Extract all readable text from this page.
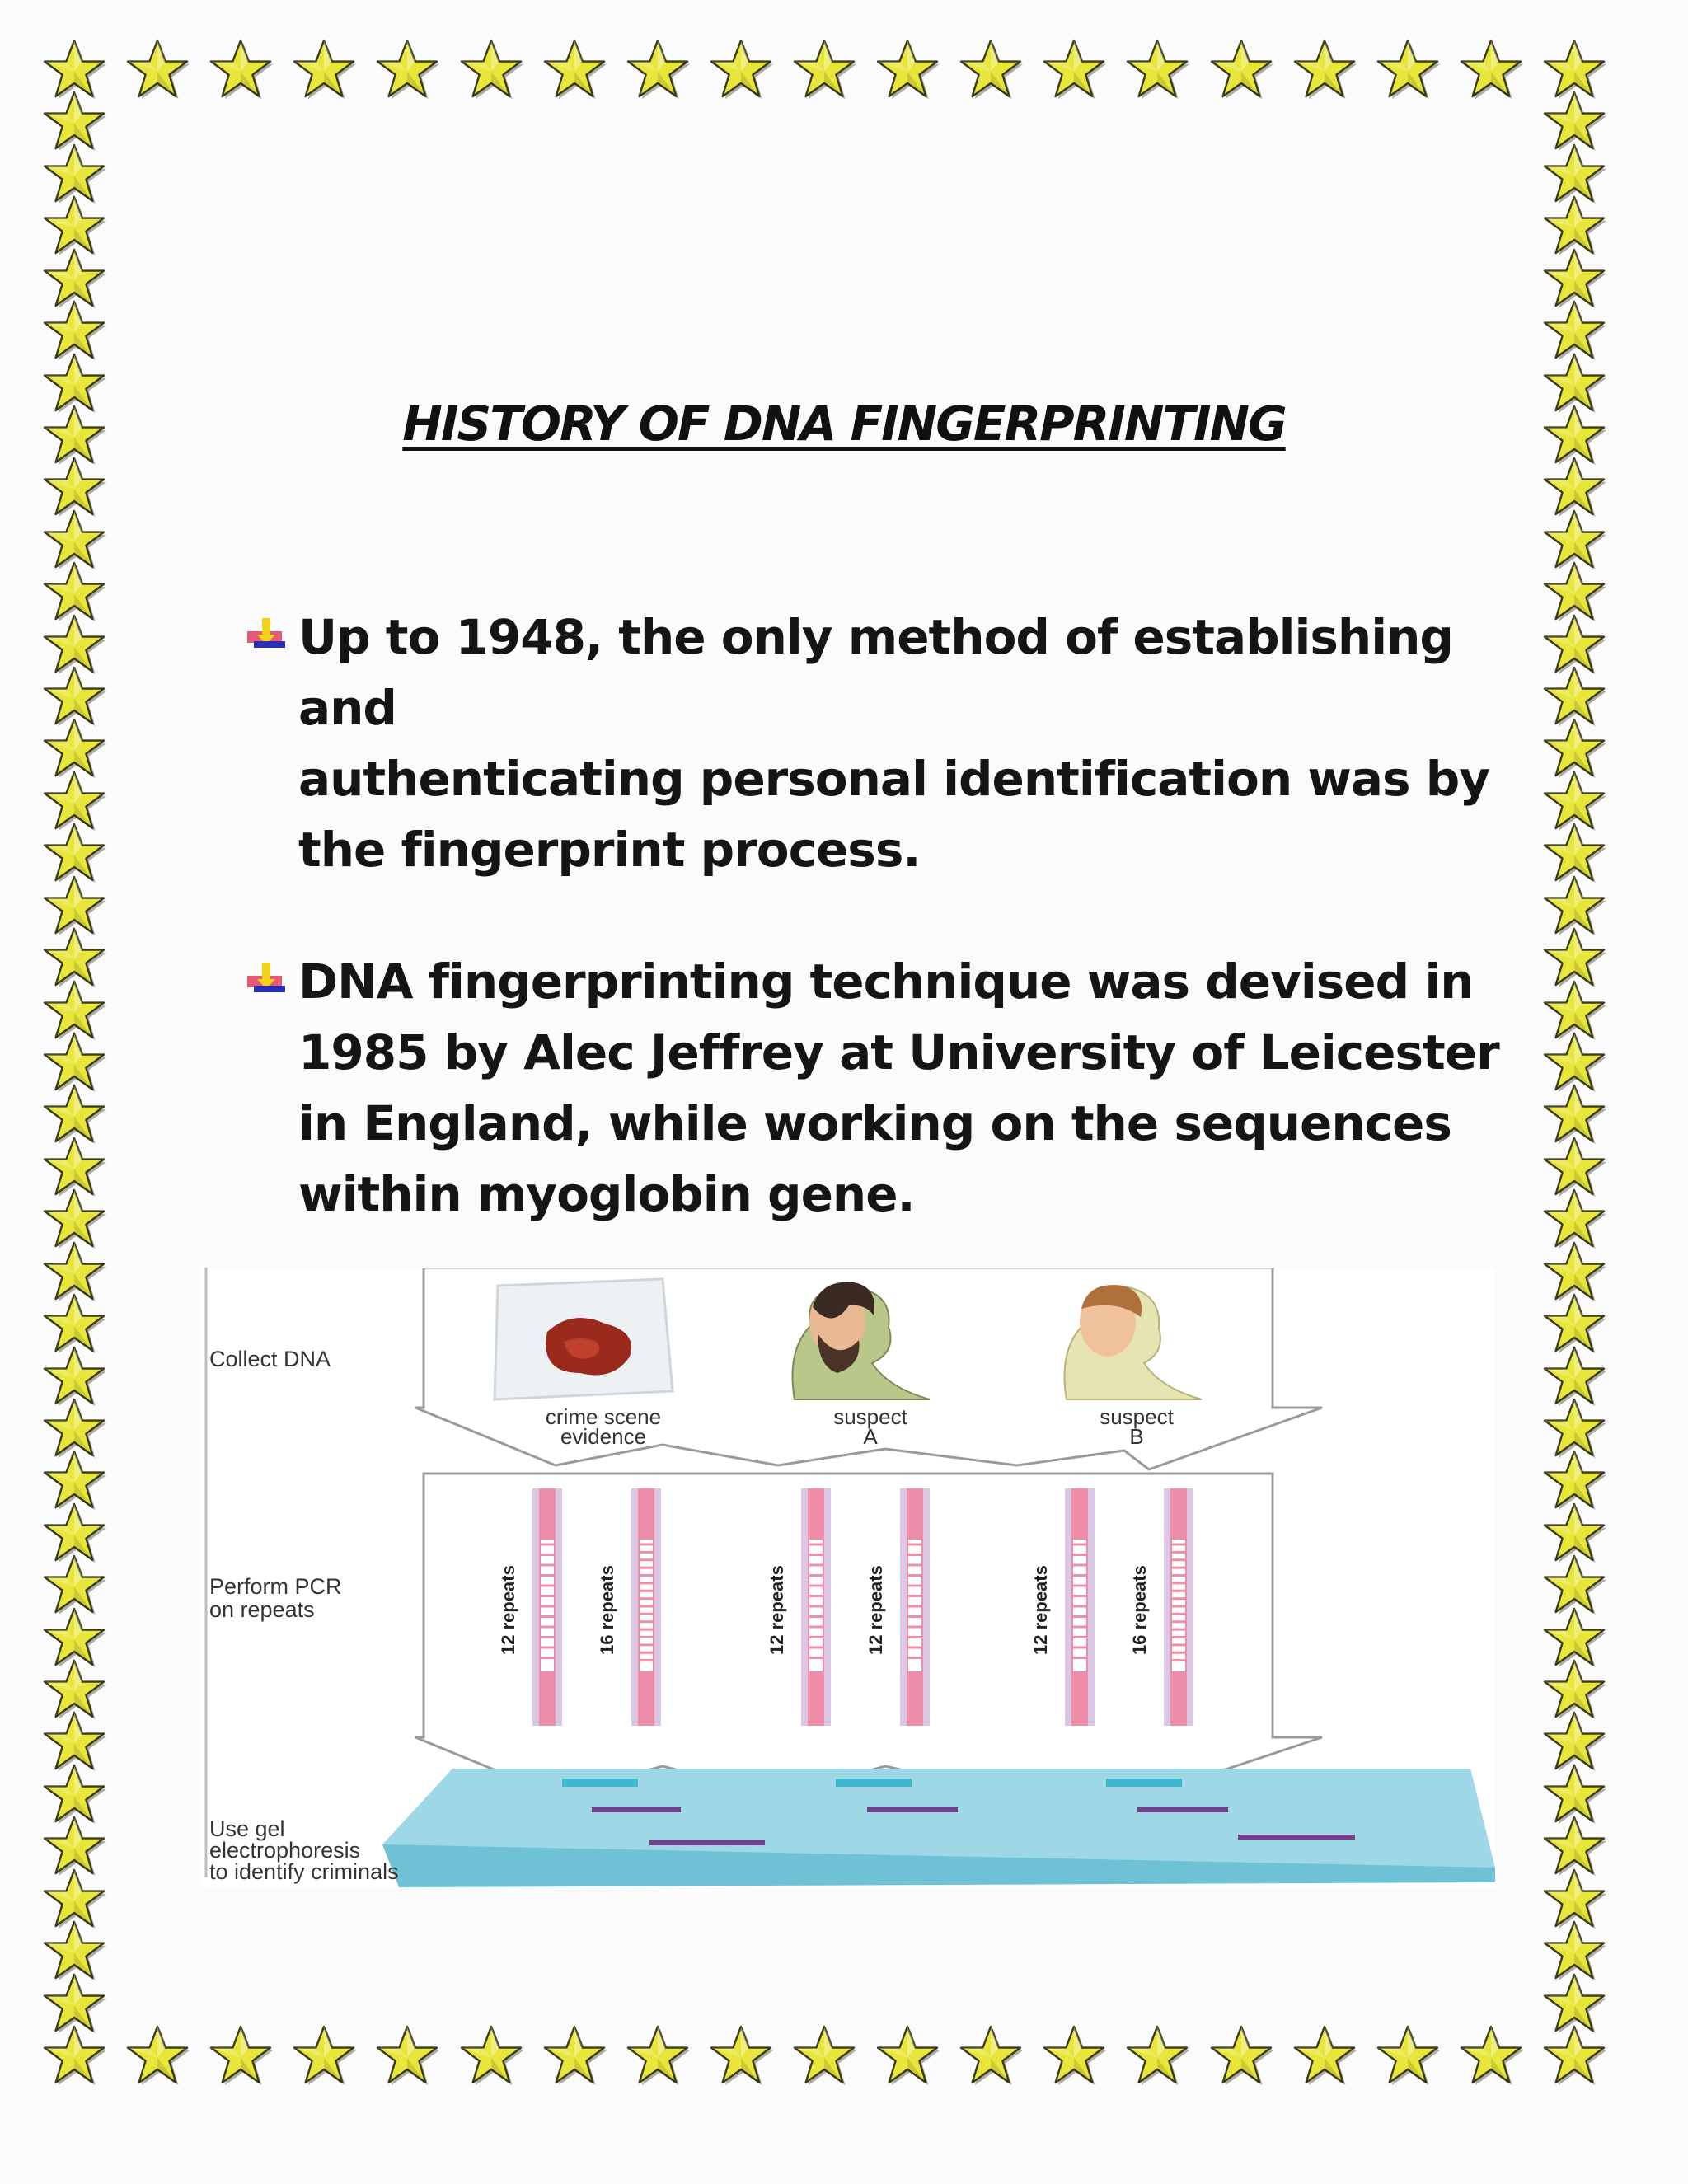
HISTORY OF DNA FINGERPRINTING
Up to 1948, the only method of establishing and
authenticating personal identification was by
the fingerprint process.
DNA fingerprinting technique was devised in
1985 by Alec Jeffrey at University of Leicester
in England, while working on the sequences
within myoglobin gene.
Collect DNA
Perform PCR
on repeats
Use gel
electrophoresis
to identify criminals
crime scene
evidence
suspect
A
suspect
B
12 repeats	16 repeats	12 repeats	12 repeats	12 repeats	16 repeats
